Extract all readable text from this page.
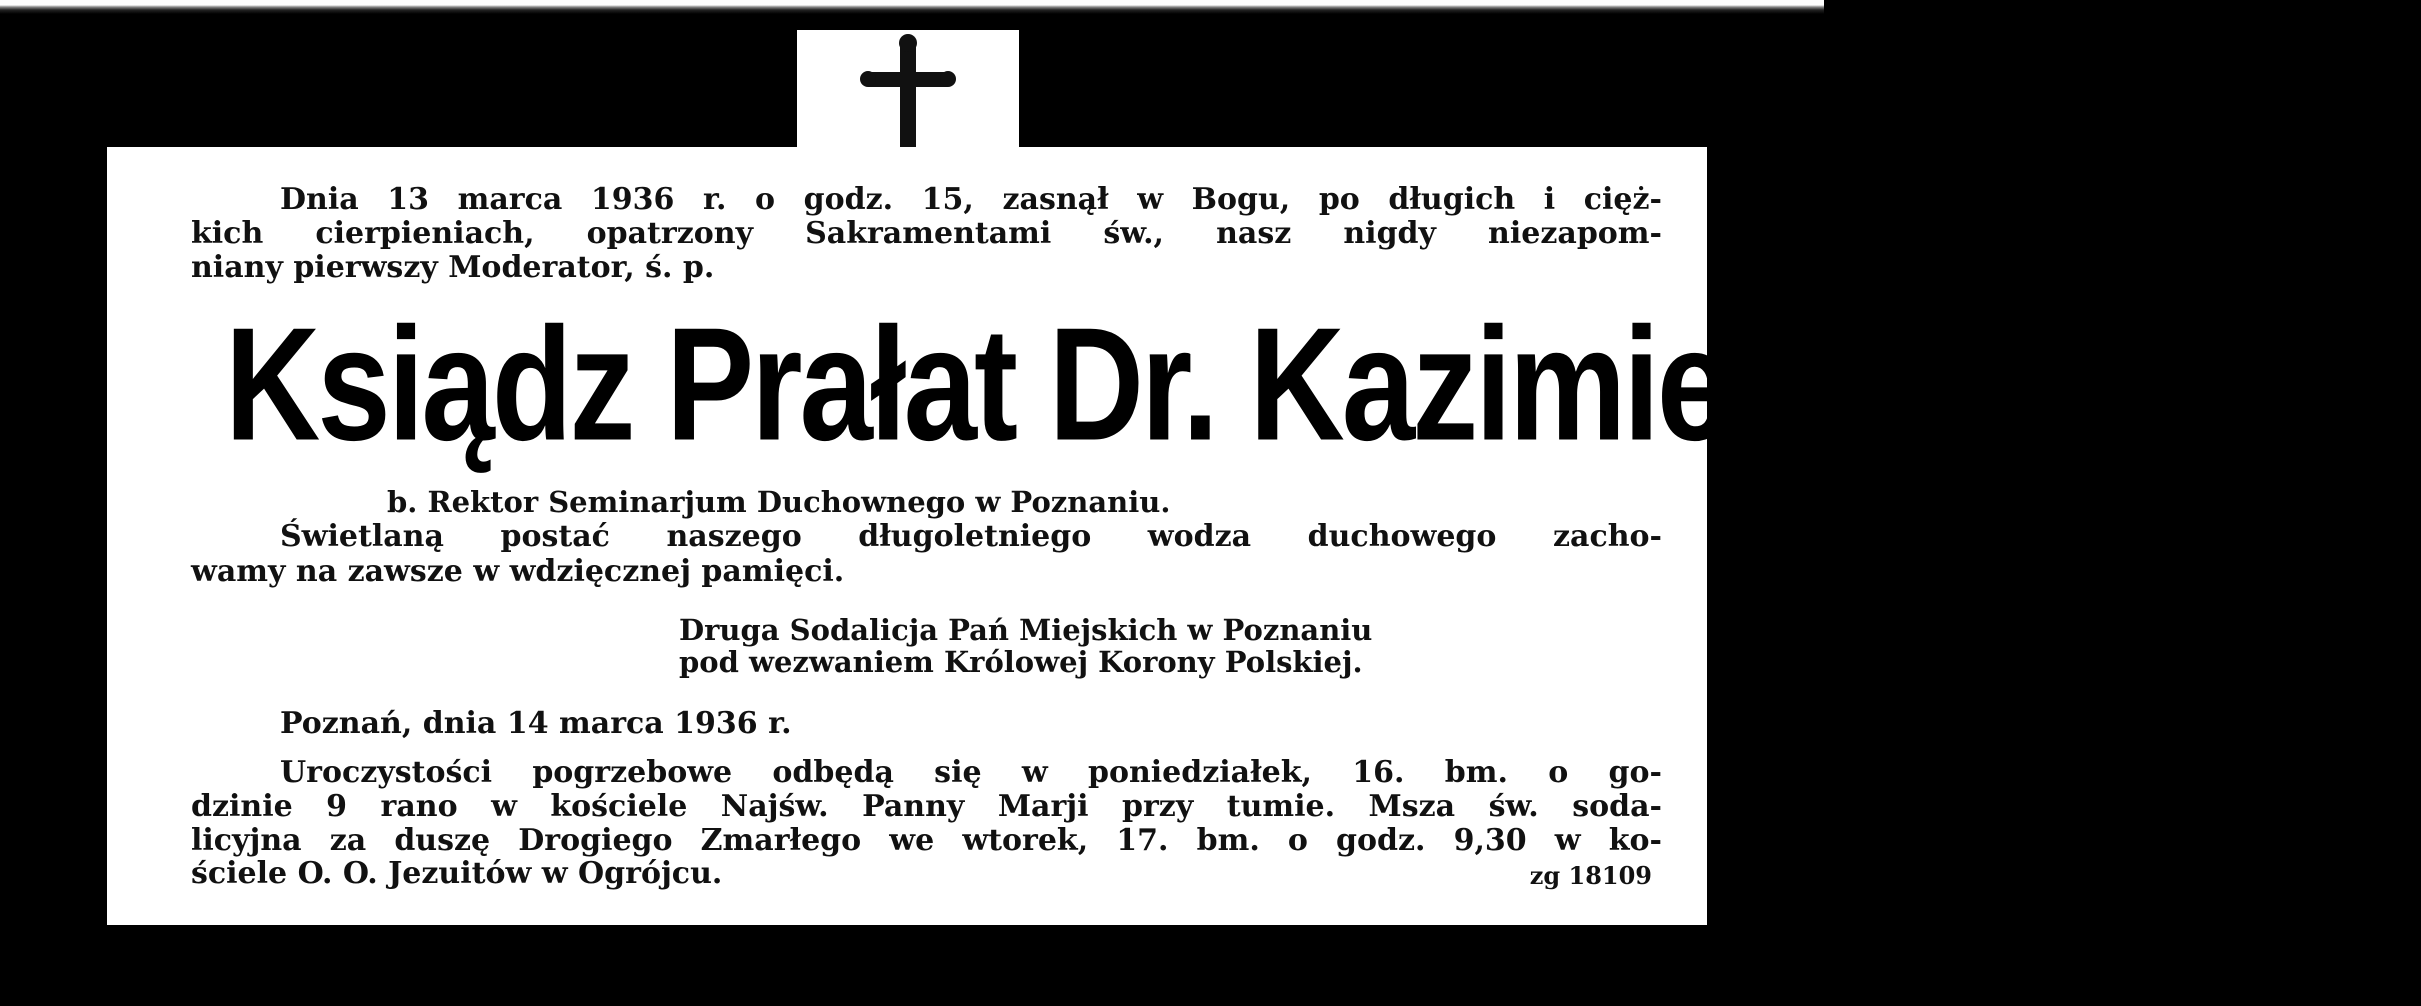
Dnia 13 marca 1936 r. o godz. 15, zasnął w Bogu, po długich i cięż-
kich cierpieniach, opatrzony Sakramentami św., nasz nigdy niezapom-
niany pierwszy Moderator, ś. p.
Ksiądz Prałat Dr. Kazimierz Rolewski
b. Rektor Seminarjum Duchownego w Poznaniu.
Świetlaną postać naszego długoletniego wodza duchowego zacho-
wamy na zawsze w wdzięcznej pamięci.
Druga Sodalicja Pań Miejskich w Poznaniu
pod wezwaniem Królowej Korony Polskiej.
Poznań, dnia 14 marca 1936 r.
Uroczystości pogrzebowe odbędą się w poniedziałek, 16. bm. o go-
dzinie 9 rano w kościele Najśw. Panny Marji przy tumie. Msza św. soda-
licyjna za duszę Drogiego Zmarłego we wtorek, 17. bm. o godz. 9,30 w ko-
ściele O. O. Jezuitów w Ogrójcu.	zg 18109
